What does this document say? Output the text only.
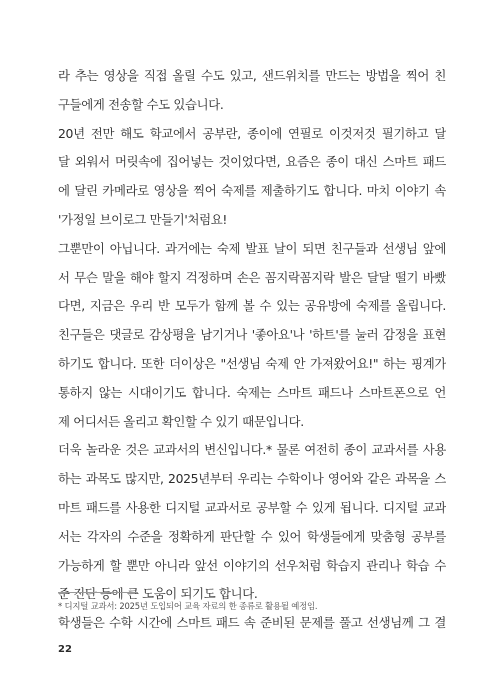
라 추는 영상을 직접 올릴 수도 있고, 샌드위치를 만드는 방법을 찍어 친
구들에게 전송할 수도 있습니다.
20년 전만 해도 학교에서 공부란, 종이에 연필로 이것저것 필기하고 달
달 외워서 머릿속에 집어넣는 것이었다면, 요즘은 종이 대신 스마트 패드
에 달린 카메라로 영상을 찍어 숙제를 제출하기도 합니다. 마치 이야기 속
'가정일 브이로그 만들기'처럼요!
그뿐만이 아닙니다. 과거에는 숙제 발표 날이 되면 친구들과 선생님 앞에
서 무슨 말을 해야 할지 걱정하며 손은 꼼지락꼼지락 발은 달달 떨기 바빴
다면, 지금은 우리 반 모두가 함께 볼 수 있는 공유방에 숙제를 올립니다.
친구들은 댓글로 감상평을 남기거나 '좋아요'나 '하트'를 눌러 감정을 표현
하기도 합니다. 또한 더이상은 "선생님 숙제 안 가져왔어요!" 하는 핑계가
통하지 않는 시대이기도 합니다. 숙제는 스마트 패드나 스마트폰으로 언
제 어디서든 올리고 확인할 수 있기 때문입니다.
더욱 놀라운 것은 교과서의 변신입니다.* 물론 여전히 종이 교과서를 사용
하는 과목도 많지만, 2025년부터 우리는 수학이나 영어와 같은 과목을 스
마트 패드를 사용한 디지털 교과서로 공부할 수 있게 됩니다. 디지털 교과
서는 각자의 수준을 정확하게 판단할 수 있어 학생들에게 맞춤형 공부를
가능하게 할 뿐만 아니라 앞선 이야기의 선우처럼 학습지 관리나 학습 수
준 진단 등에 큰 도움이 되기도 합니다.
학생들은 수학 시간에 스마트 패드 속 준비된 문제를 풀고 선생님께 그 결
* 디지털 교과서: 2025년 도입되어 교육 자료의 한 종류로 활용될 예정임.
22
